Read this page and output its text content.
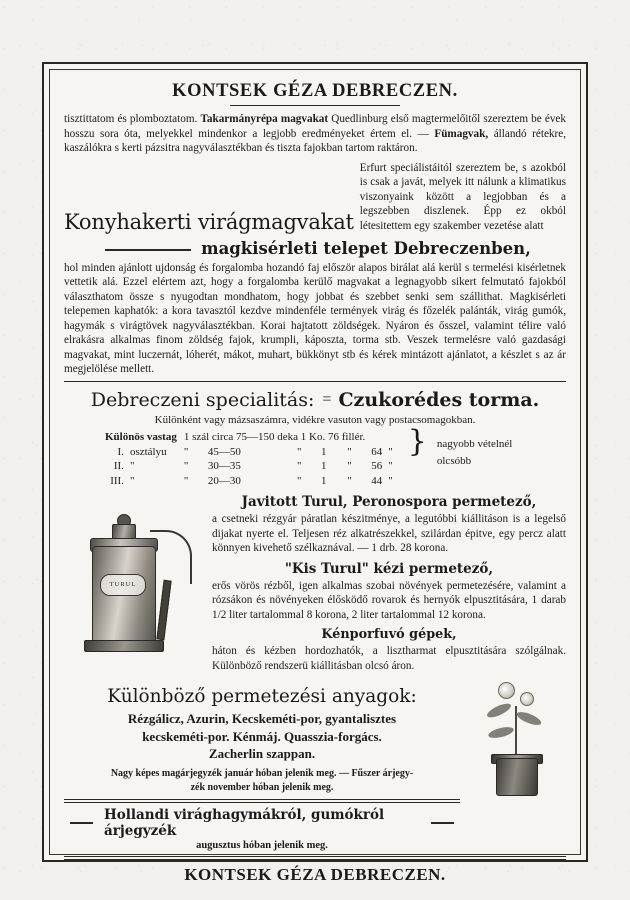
KONTSEK GÉZA DEBRECZEN.

tisztittatom és plomboztatom. Takarmányrépa magvakat Quedlinburg első magtermelőitől szereztem be évek hosszu sora óta, melyekkel mindenkor a legjobb eredményeket értem el. — Fümagvak, állandó rétekre, kaszálókra s kerti pázsitra nagyválasztékban és tiszta fajokban tartom raktáron.

Konyhakerti virágmagvakat
Erfurt speciálistáitól szereztem be, s azokból is csak a javát, melyek itt nálunk a klimatikus viszonyaink között a legjobban és a legszebben diszlenek. Épp ez okból létesitettem egy szakember vezetése alatt
magkisérleti telepet Debreczenben,

hol minden ajánlott ujdonság és forgalomba hozandó faj először alapos birálat alá kerül s termelési kisérletnek vettetik alá. Ezzel elértem azt, hogy a forgalomba kerülő magvakat a legnagyobb sikert felmutató fajokból választhatom össze s nyugodtan mondhatom, hogy jobbat és szebbet senki sem szállithat. Magkisérleti telepemen kaphatók: a kora tavasztól kezdve mindenféle termények virág és főzelék palánták, virág gumók, hagymák s virágtövek nagyválasztékban. Korai hajtatott zöldségek. Nyáron és ősszel, valamint télire való elrakásra alkalmas finom zöldség fajok, krumpli, káposzta, torma stb. Veszek termelésre való gazdasági magvakat, mint luczernát, lóherét, mákot, muhart, bükkönyt stb és kérek mintázott ajánlatot, a készlet s az ár megjelölése mellett.

Debreczeni specialitás: = Czukorédes torma.
Különként vagy mázsaszámra, vidékre vasuton vagy postacsomagokban.
Különös vastag		1 szál circa 75—150 deka 1 Ko. 76 fillér.						
I.	osztályu	"	45—50	"	1	"	64	"
II.	"	"	30—35	"	1	"	56	"
III.	"	"	20—30	"	1	"	44	"
} nagyobb vételnél
olcsóbb
TURUL
Javitott Turul, Peronospora permetező,

a csetneki rézgyár páratlan készitménye, a legutóbbi kiállitáson is a legelső dijakat nyerte el. Teljesen réz alkatrészekkel, szilárdan épitve, egy percz alatt könnyen kivehető szélkaznával. — 1 drb. 28 korona.

"Kis Turul" kézi permetező,

erős vörös rézből, igen alkalmas szobai növények permetezésére, valamint a rózsákon és növényeken élősködő rovarok és hernyók elpusztitására, 1 darab 1/2 liter tartalommal 8 korona, 2 liter tartalommal 12 korona.

Kénporfuvó gépek,

háton és kézben hordozhatók, a lisztharmat elpusztitására szólgálnak. Különböző rendszerü kiállitásban olcsó áron.

Különböző permetezési anyagok:
Rézgálicz, Azurin, Kecskeméti-por, gyantalisztes
kecskeméti-por. Kénmáj. Quasszia-forgács.
Zacherlin szappan.
Nagy képes magárjegyzék január hóban jelenik meg. — Fűszer árjegy-
zék november hóban jelenik meg.
Hollandi virághagymákról, gumókról árjegyzék
augusztus hóban jelenik meg.
KONTSEK GÉZA DEBRECZEN.
